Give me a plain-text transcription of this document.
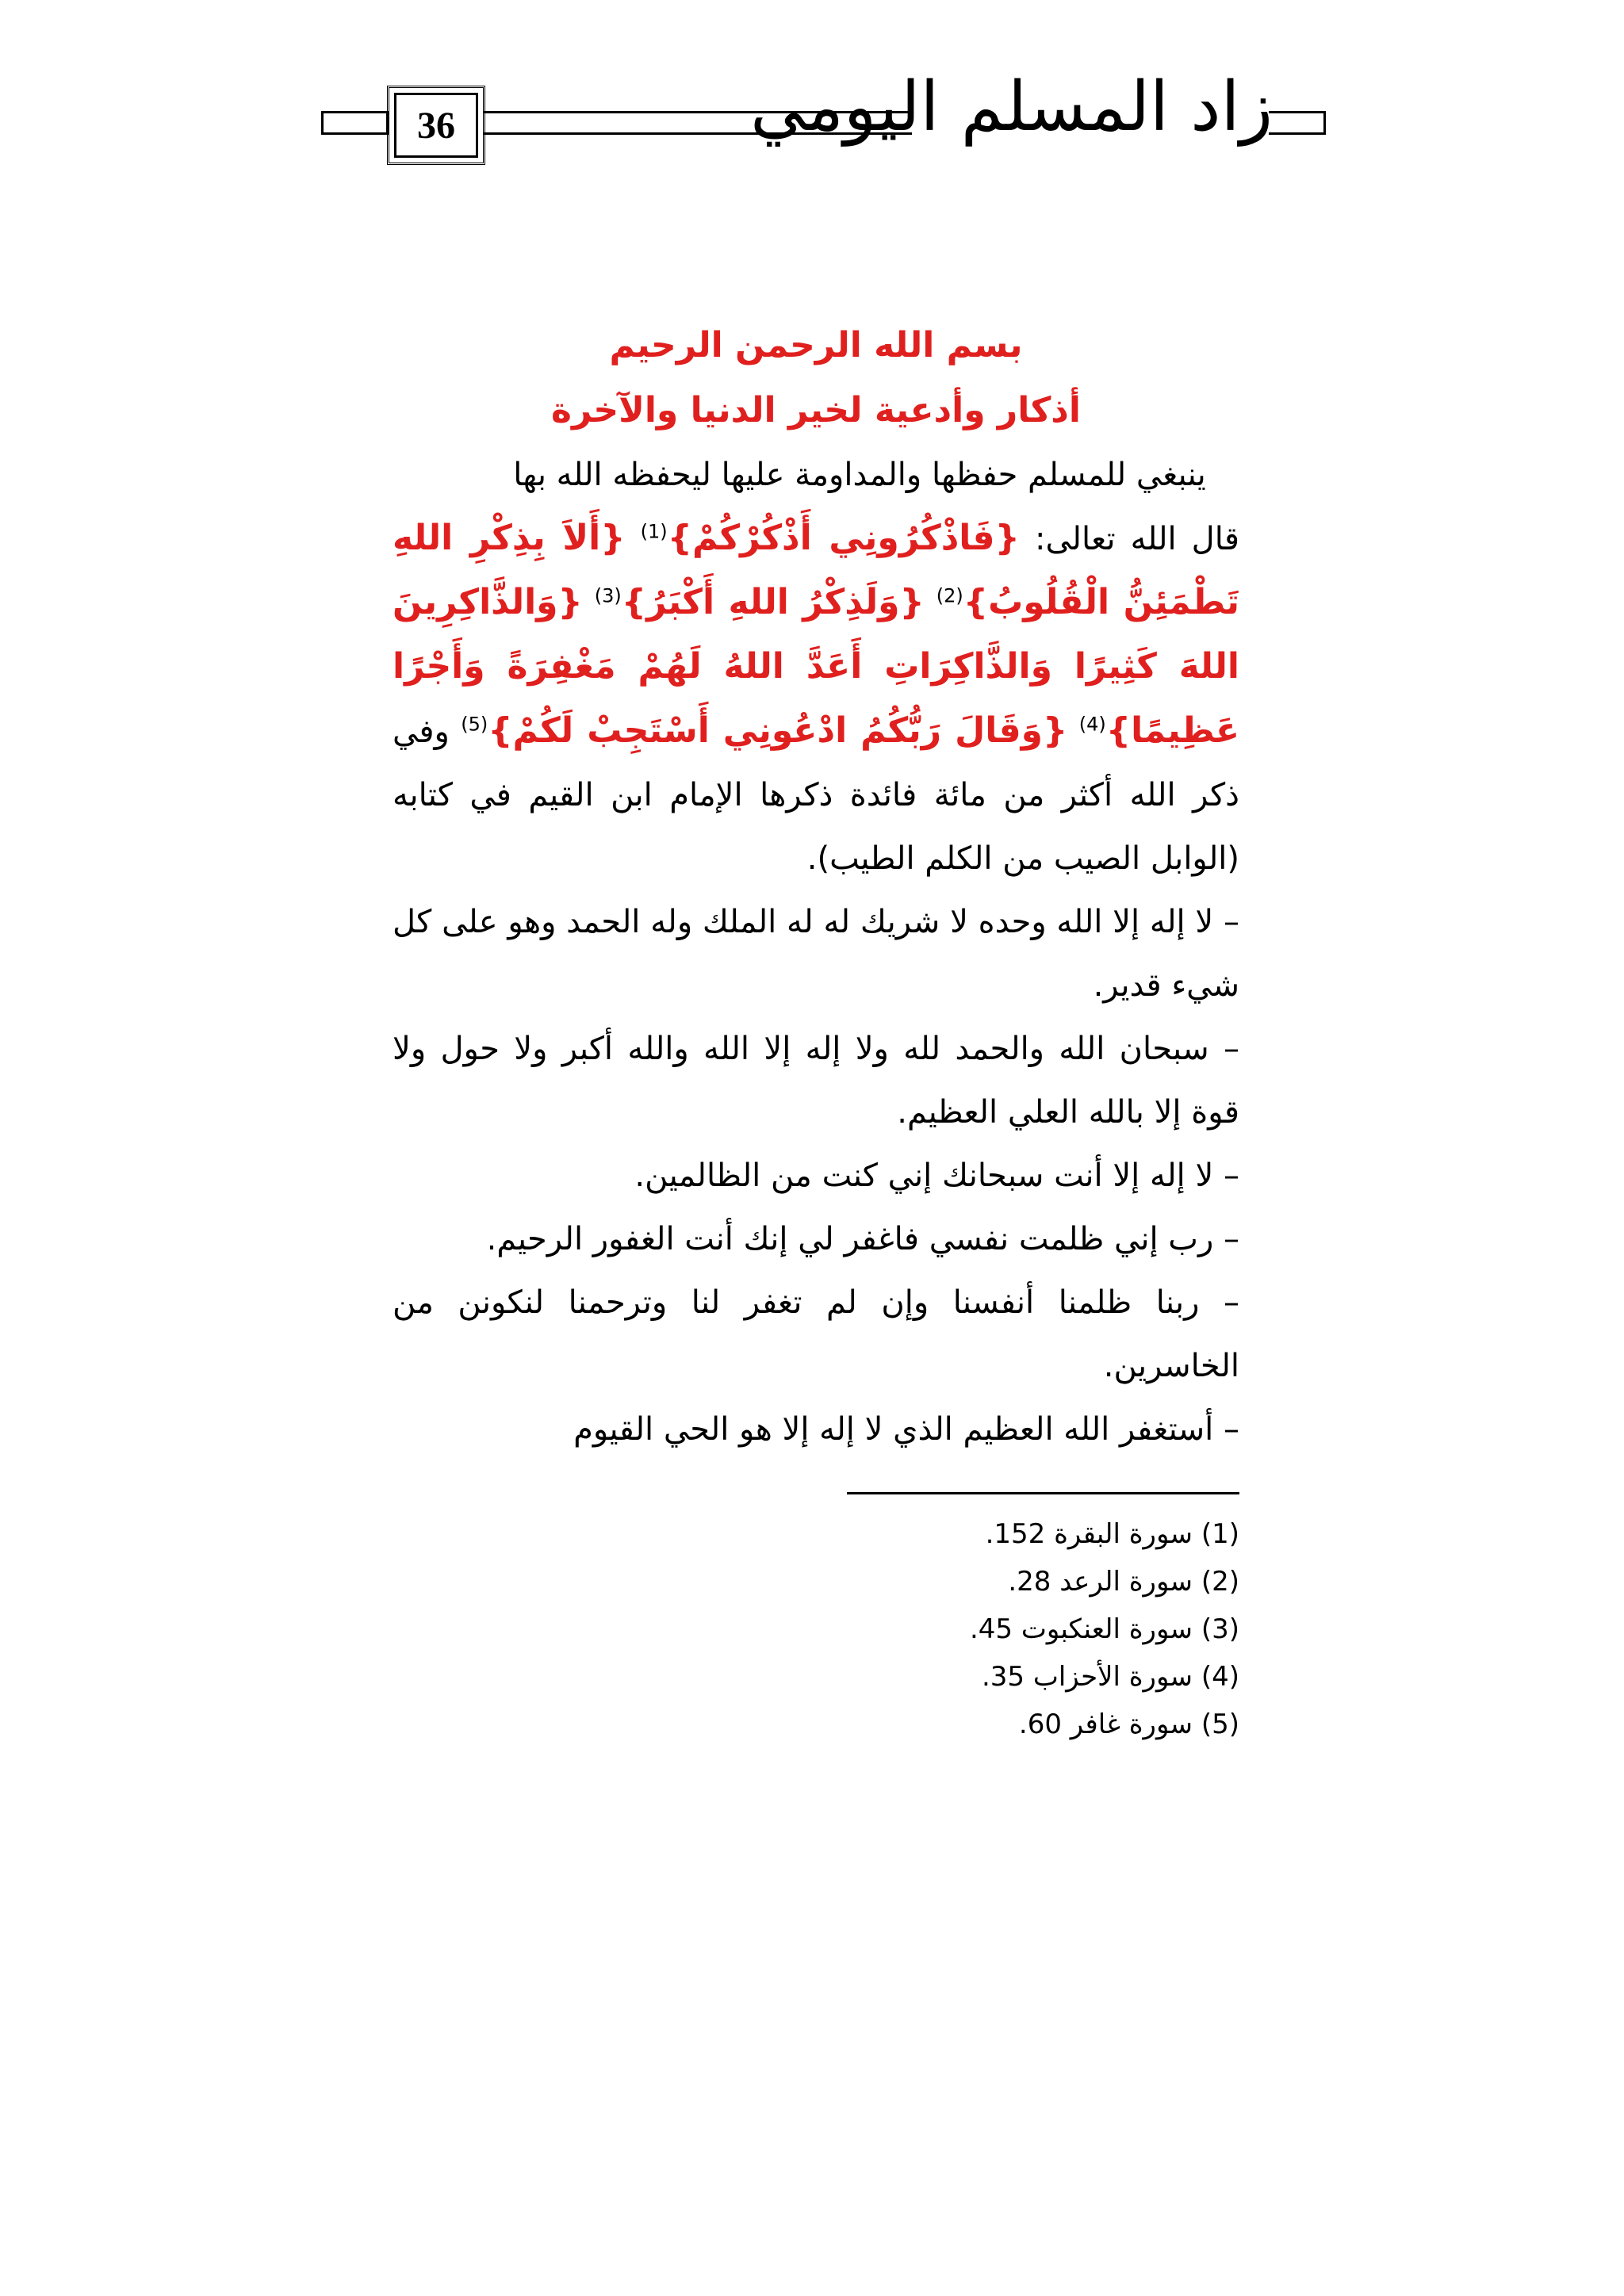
36	زاد المسلم اليومي
بسم الله الرحمن الرحيم
أذكار وأدعية لخير الدنيا والآخرة
ينبغي للمسلم حفظها والمداومة عليها ليحفظه الله بها
قال الله تعالى: {فَاذْكُرُونِي أَذْكُرْكُمْ}$^{(1)}$ {أَلاَ بِذِكْرِ اللهِ تَطْمَئِنُّ الْقُلُوبُ}$^{(2)}$ {وَلَذِكْرُ اللهِ أَكْبَرُ}$^{(3)}$ {وَالذَّاكِرِينَ اللهَ كَثِيرًا وَالذَّاكِرَاتِ أَعَدَّ اللهُ لَهُمْ مَغْفِرَةً وَأَجْرًا عَظِيمًا}$^{(4)}$ {وَقَالَ رَبُّكُمُ ادْعُونِي أَسْتَجِبْ لَكُمْ}$^{(5)}$ وفي ذكر الله أكثر من مائة فائدة ذكرها الإمام ابن القيم في كتابه (الوابل الصيب من الكلم الطيب).
– لا إله إلا الله وحده لا شريك له له الملك وله الحمد وهو على كل شيء قدير.
– سبحان الله والحمد لله ولا إله إلا الله والله أكبر ولا حول ولا قوة إلا بالله العلي العظيم.
– لا إله إلا أنت سبحانك إني كنت من الظالمين.
– رب إني ظلمت نفسي فاغفر لي إنك أنت الغفور الرحيم.
– ربنا ظلمنا أنفسنا وإن لم تغفر لنا وترحمنا لنكونن من الخاسرين.
– أستغفر الله العظيم الذي لا إله إلا هو الحي القيوم
(1) سورة البقرة 152.
(2) سورة الرعد 28.
(3) سورة العنكبوت 45.
(4) سورة الأحزاب 35.
(5) سورة غافر 60.
